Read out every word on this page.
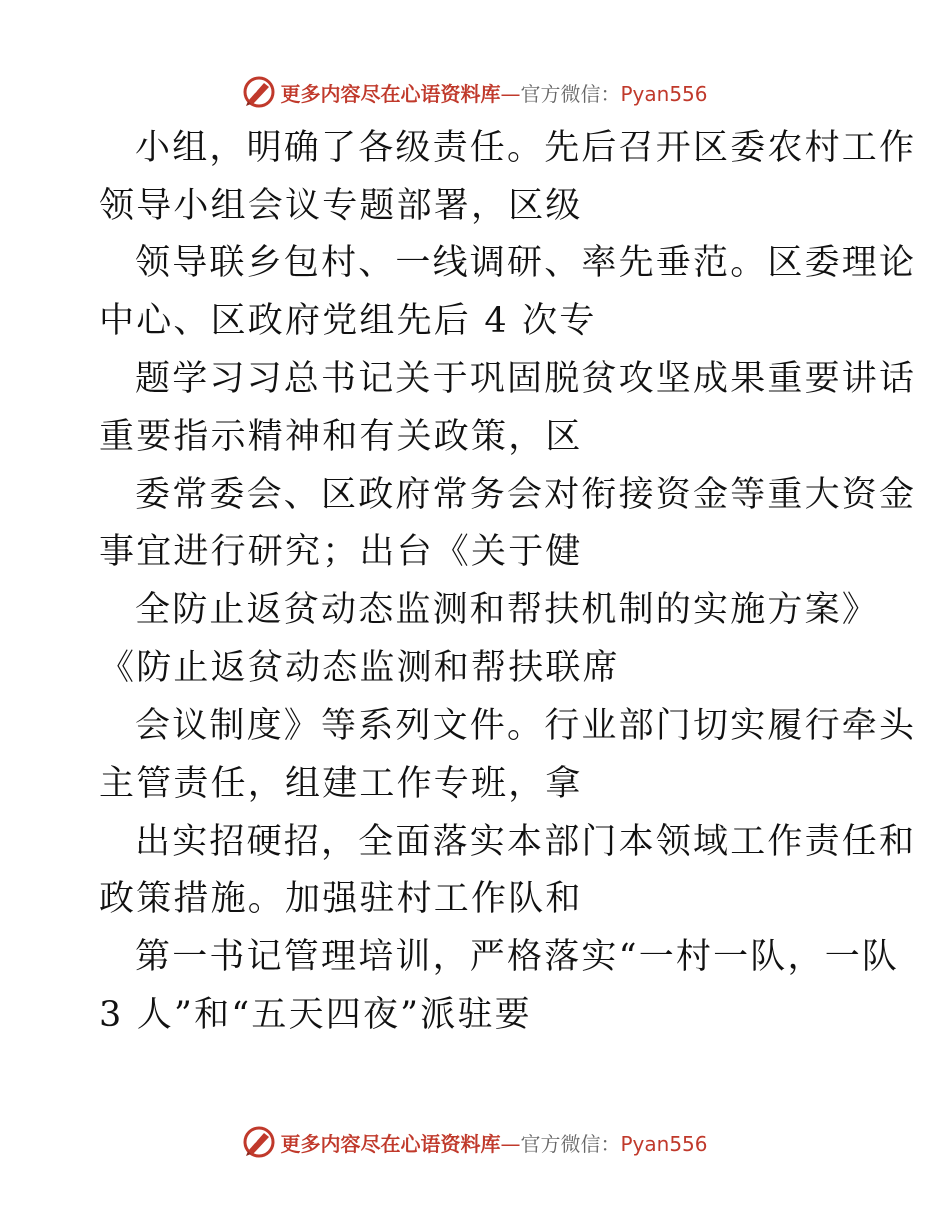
更多内容尽在心语资料库—官方微信：Pyan556
小组，明确了各级责任。先后召开区委农村工作
领导小组会议专题部署，区级
领导联乡包村、一线调研、率先垂范。区委理论
中心、区政府党组先后 4 次专
题学习习总书记关于巩固脱贫攻坚成果重要讲话
重要指示精神和有关政策，区
委常委会、区政府常务会对衔接资金等重大资金
事宜进行研究；出台《关于健
全防止返贫动态监测和帮扶机制的实施方案》
《防止返贫动态监测和帮扶联席
会议制度》等系列文件。行业部门切实履行牵头
主管责任，组建工作专班，拿
出实招硬招，全面落实本部门本领域工作责任和
政策措施。加强驻村工作队和
第一书记管理培训，严格落实“一村一队，一队
3 人”和“五天四夜”派驻要
更多内容尽在心语资料库—官方微信：Pyan556
